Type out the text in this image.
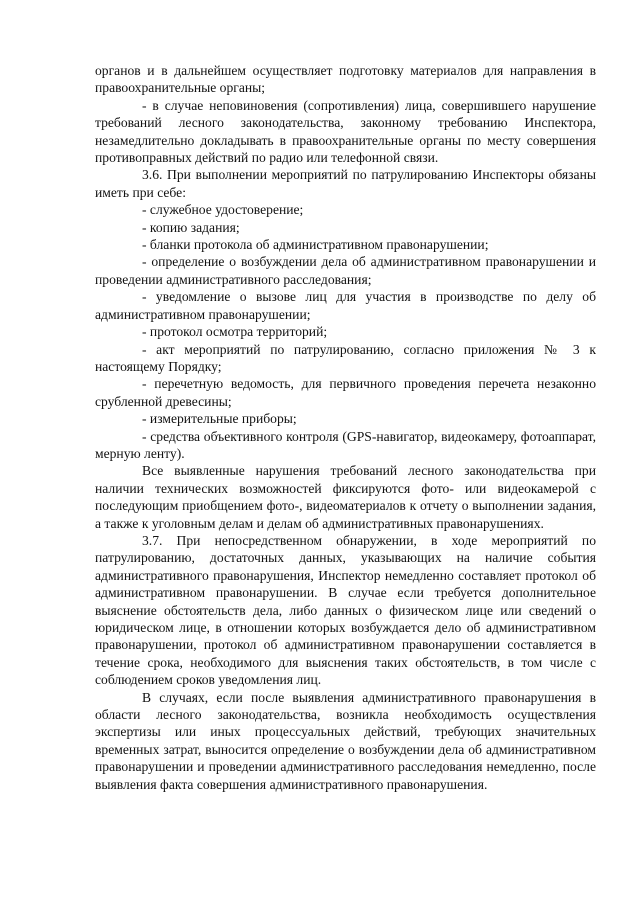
органов и в дальнейшем осуществляет подготовку материалов для направления в правоохранительные органы;

- в случае неповиновения (сопротивления) лица, совершившего нарушение требований лесного законодательства, законному требованию Инспектора, незамедлительно докладывать в правоохранительные органы по месту совершения противоправных действий по радио или телефонной связи.

3.6. При выполнении мероприятий по патрулированию Инспекторы обязаны иметь при себе:

- служебное удостоверение;

- копию задания;

- бланки протокола об административном правонарушении;

- определение о возбуждении дела об административном правонарушении и проведении административного расследования;

- уведомление о вызове лиц для участия в производстве по делу об административном правонарушении;

- протокол осмотра территорий;

- акт мероприятий по патрулированию, согласно приложения № 3 к настоящему Порядку;

- перечетную ведомость, для первичного проведения перечета незаконно срубленной древесины;

- измерительные приборы;

- средства объективного контроля (GPS-навигатор, видеокамеру, фотоаппарат, мерную ленту).

Все выявленные нарушения требований лесного законодательства при наличии технических возможностей фиксируются фото- или видеокамерой с последующим приобщением фото-, видеоматериалов к отчету о выполнении задания, а также к уголовным делам и делам об административных правонарушениях.

3.7. При непосредственном обнаружении, в ходе мероприятий по патрулированию, достаточных данных, указывающих на наличие события административного правонарушения, Инспектор немедленно составляет протокол об административном правонарушении. В случае если требуется дополнительное выяснение обстоятельств дела, либо данных о физическом лице или сведений о юридическом лице, в отношении которых возбуждается дело об административном правонарушении, протокол об административном правонарушении составляется в течение срока, необходимого для выяснения таких обстоятельств, в том числе с соблюдением сроков уведомления лиц.

В случаях, если после выявления административного правонарушения в области лесного законодательства, возникла необходимость осуществления экспертизы или иных процессуальных действий, требующих значительных временных затрат, выносится определение о возбуждении дела об административном правонарушении и проведении административного расследования немедленно, после выявления факта совершения административного правонарушения.
